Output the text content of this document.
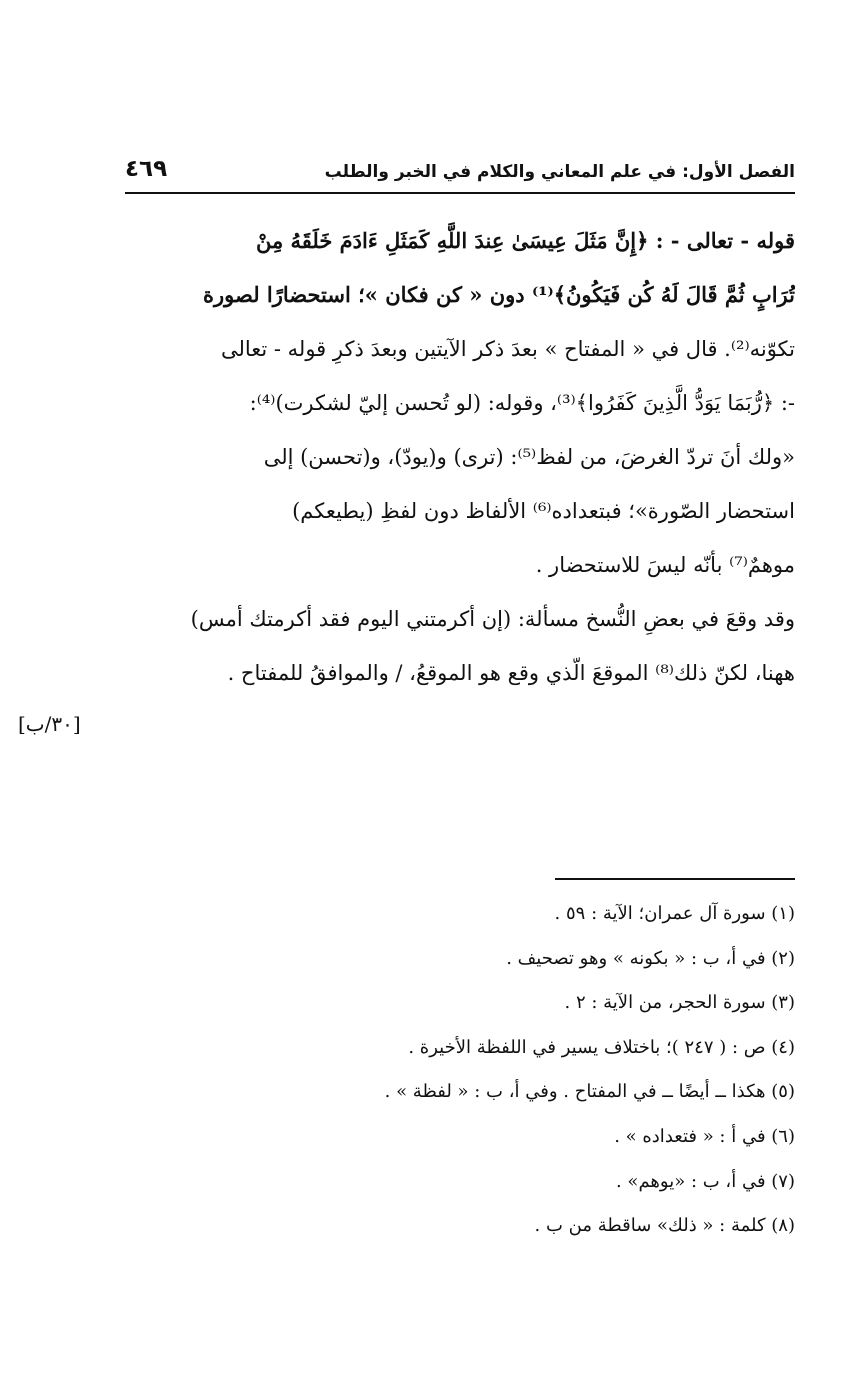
الفصل الأول: في علم المعاني والكلام في الخبر والطلب
٤٦٩
قوله - تعالى - : ﴿إِنَّ مَثَلَ عِيسَىٰ عِندَ اللَّهِ كَمَثَلِ ءَادَمَ خَلَقَهُ مِنْ
تُرَابٍ ثُمَّ قَالَ لَهُ كُن فَيَكُونُ﴾⁽¹⁾ دون « كن فكان »؛ استحضارًا لصورة
تكوّنه⁽²⁾. قال في « المفتاح » بعدَ ذكر الآيتين وبعدَ ذكرِ قوله - تعالى
-: ﴿رُّبَمَا يَوَدُّ الَّذِينَ كَفَرُوا﴾⁽³⁾، وقوله: (لو تُحسن إليّ لشكرت)⁽⁴⁾:
«ولك أنَ تردّ الغرضَ، من لفظ⁽⁵⁾: (ترى) و(يودّ)، و(تحسن) إلى
استحضار الصّورة»؛ فبتعداده⁽⁶⁾ الألفاظ دون لفظِ (يطيعكم)
موهمٌ⁽⁷⁾ بأنّه ليسَ للاستحضار .
وقد وقعَ في بعضِ النُّسخ مسألة: (إن أكرمتني اليوم فقد أكرمتك أمس)
ههنا، لكنّ ذلك⁽⁸⁾ الموقعَ الّذي وقع هو الموقعُ، / والموافقُ للمفتاح .
[٣٠/ب]
(١) سورة آل عمران؛ الآية : ٥٩ .
(٢) في أ، ب : « بكونه » وهو تصحيف .
(٣) سورة الحجر، من الآية : ٢ .
(٤) ص : ( ٢٤٧ )؛ باختلاف يسير في اللفظة الأخيرة .
(٥) هكذا ــ أيضًا ــ في المفتاح . وفي أ، ب : « لفظة » .
(٦) في أ : « فتعداده » .
(٧) في أ، ب : «يوهم» .
(٨) كلمة : « ذلك» ساقطة من ب .
